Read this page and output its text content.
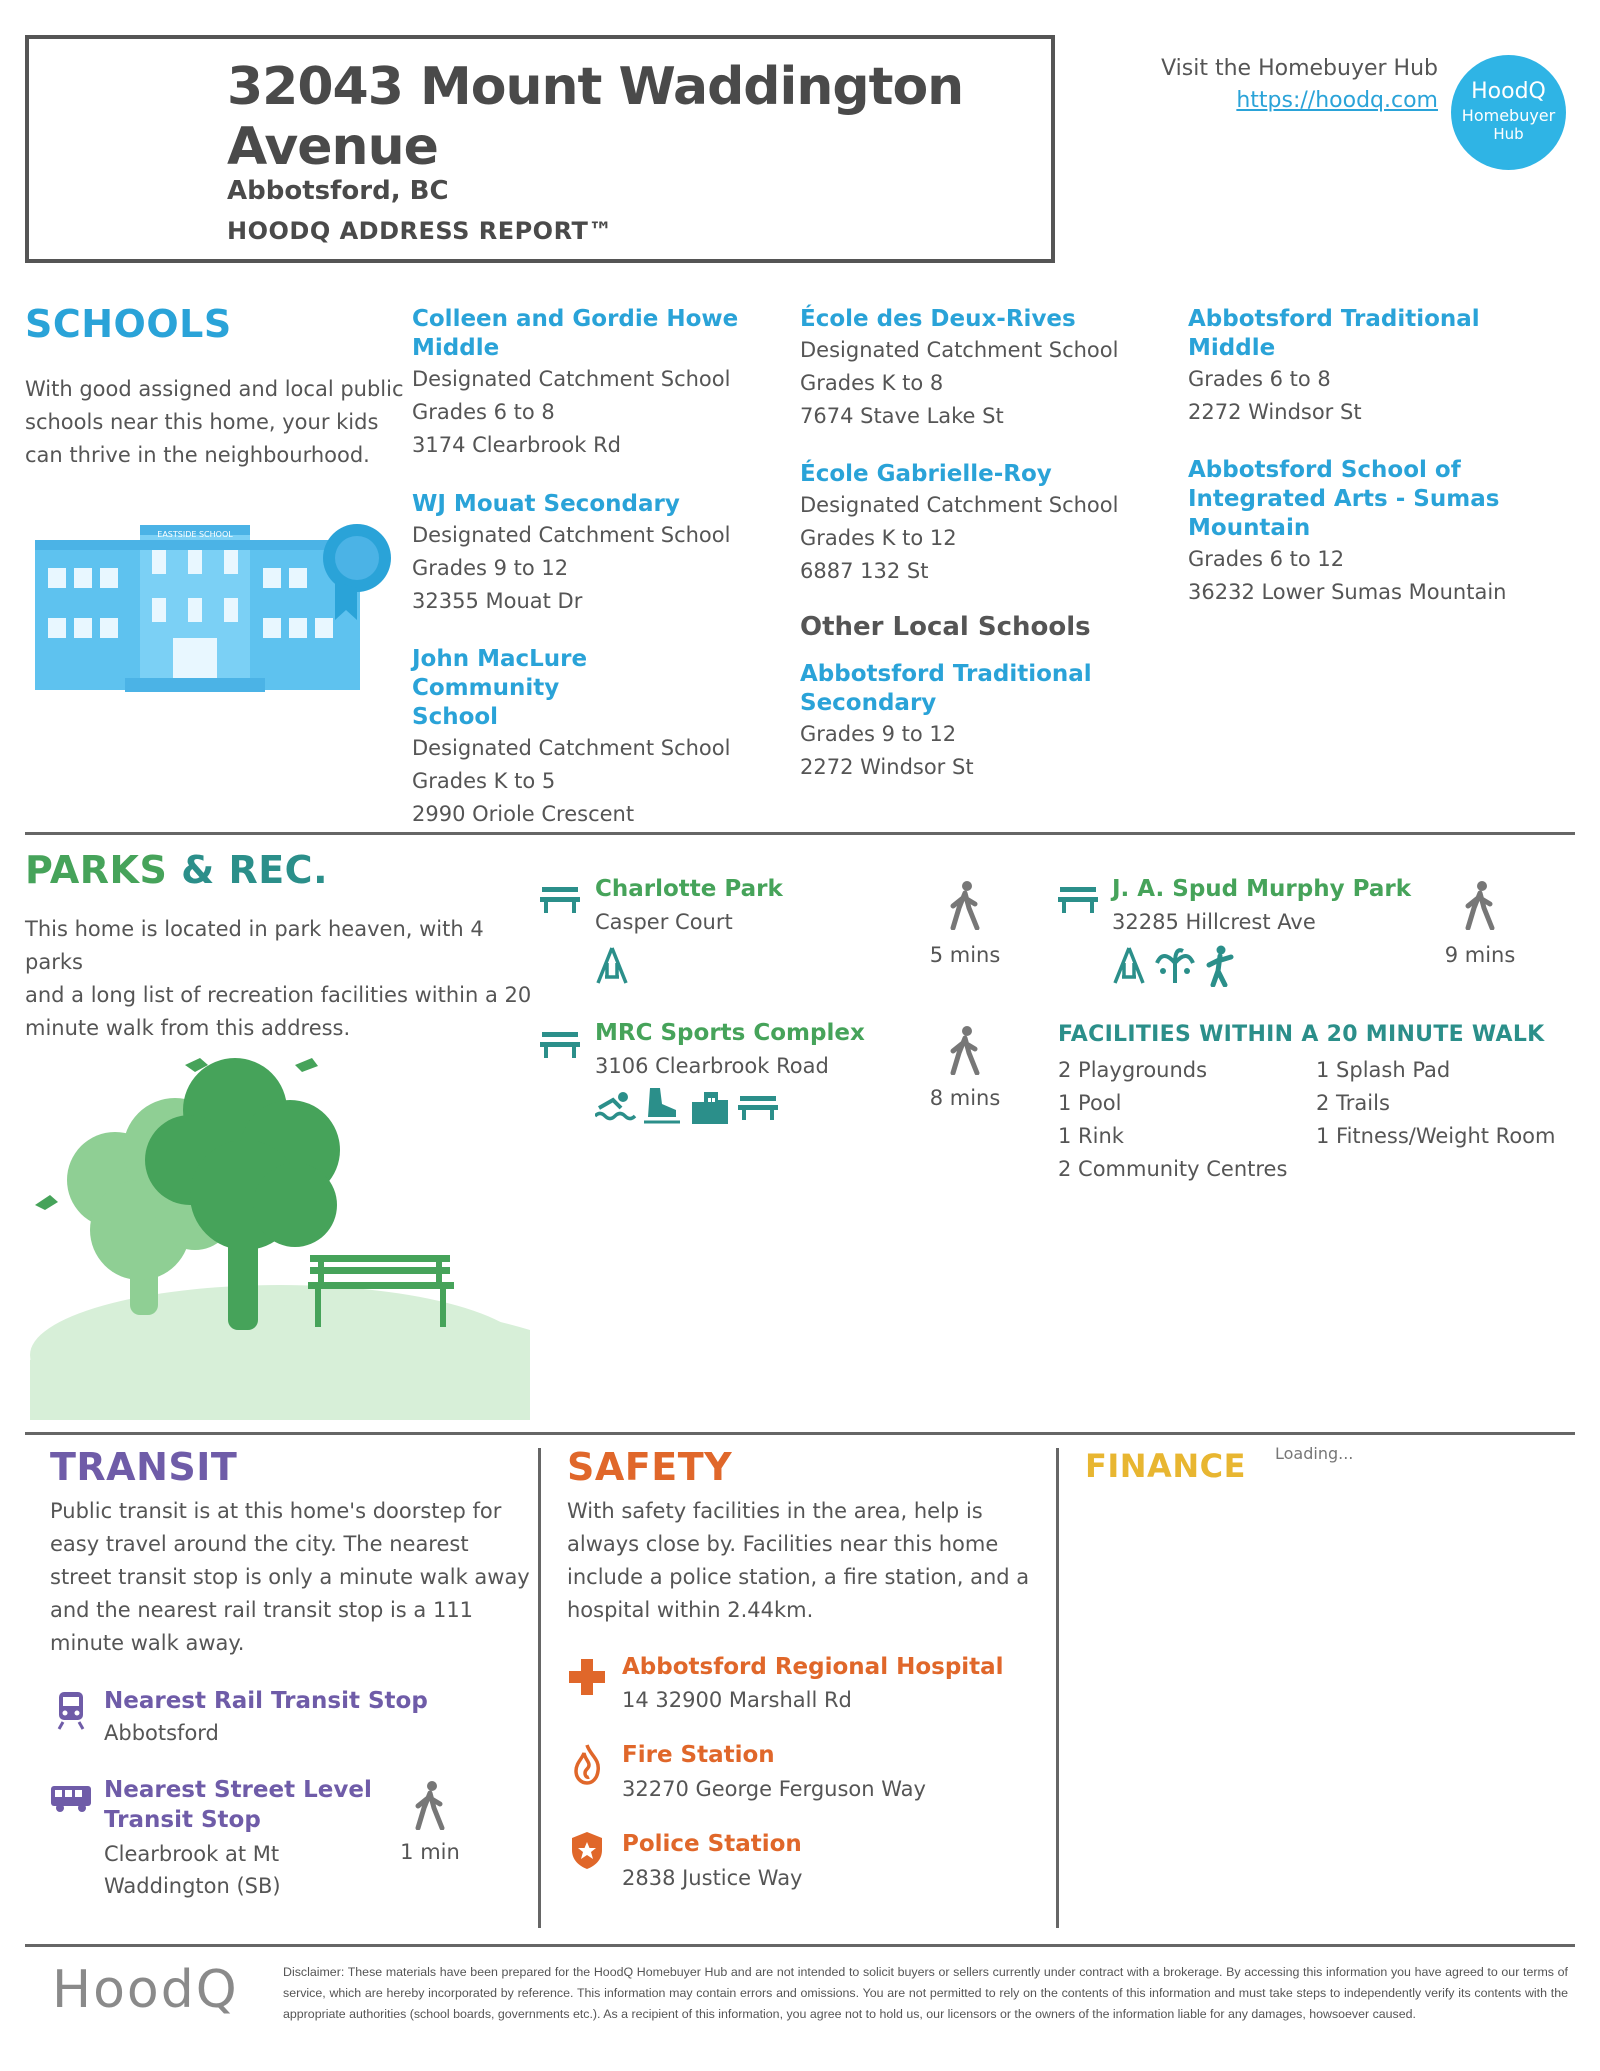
32043 Mount Waddington
Avenue
Abbotsford, BC
HOODQ ADDRESS REPORT™
Visit the Homebuyer Hub
https://hoodq.com	HoodQ
Homebuyer
Hub
SCHOOLS
With good assigned and local public
schools near this home, your kids
can thrive in the neighbourhood.
EASTSIDE SCHOOL
Colleen and Gordie Howe
Middle
Designated Catchment School
Grades 6 to 8
3174 Clearbrook Rd
WJ Mouat Secondary
Designated Catchment School
Grades 9 to 12
32355 Mouat Dr
John MacLure Community
School
Designated Catchment School
Grades K to 5
2990 Oriole Crescent
École des Deux-Rives
Designated Catchment School
Grades K to 8
7674 Stave Lake St
École Gabrielle-Roy
Designated Catchment School
Grades K to 12
6887 132 St
Other Local Schools
Abbotsford Traditional
Secondary
Grades 9 to 12
2272 Windsor St
Abbotsford Traditional
Middle
Grades 6 to 8
2272 Windsor St
Abbotsford School of
Integrated Arts - Sumas
Mountain
Grades 6 to 12
36232 Lower Sumas Mountain
PARKS & REC.
This home is located in park heaven, with 4 parks
and a long list of recreation facilities within a 20
minute walk from this address.
Charlotte Park
Casper Court
5 mins
J. A. Spud Murphy Park
32285 Hillcrest Ave
9 mins
MRC Sports Complex
3106 Clearbrook Road
8 mins
FACILITIES WITHIN A 20 MINUTE WALK
2 Playgrounds
1 Pool
1 Rink
2 Community Centres
1 Splash Pad
2 Trails
1 Fitness/Weight Room
TRANSIT
Public transit is at this home's doorstep for
easy travel around the city. The nearest
street transit stop is only a minute walk away
and the nearest rail transit stop is a 111
minute walk away.
Nearest Rail Transit Stop
Abbotsford
Nearest Street Level
Transit Stop
Clearbrook at Mt
Waddington (SB)
1 min
SAFETY
With safety facilities in the area, help is
always close by. Facilities near this home
include a police station, a fire station, and a
hospital within 2.44km.
Abbotsford Regional Hospital
14 32900 Marshall Rd
Fire Station
32270 George Ferguson Way
Police Station
2838 Justice Way
FINANCE Loading...
HoodQ	Disclaimer: These materials have been prepared for the HoodQ Homebuyer Hub and are not intended to solicit buyers or sellers currently under contract with a brokerage. By accessing this information you have agreed to our terms of service, which are hereby incorporated by reference. This information may contain errors and omissions. You are not permitted to rely on the contents of this information and must take steps to independently verify its contents with the appropriate authorities (school boards, governments etc.). As a recipient of this information, you agree not to hold us, our licensors or the owners of the information liable for any damages, howsoever caused.
